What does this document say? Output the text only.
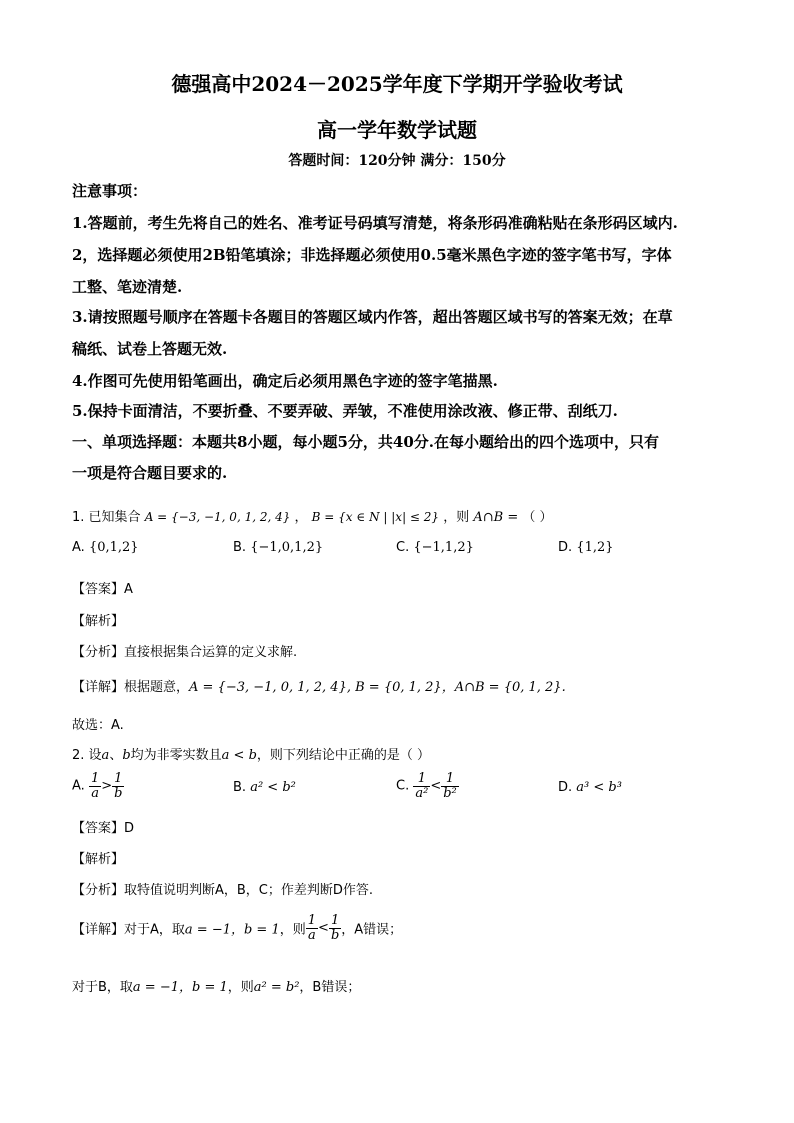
德强高中2024－2025学年度下学期开学验收考试
高一学年数学试题
答题时间：120分钟 满分：150分
注意事项：
1.答题前，考生先将自己的姓名、准考证号码填写清楚，将条形码准确粘贴在条形码区域内.
2，选择题必须使用2B铅笔填涂；非选择题必须使用0.5毫米黑色字迹的签字笔书写，字体
工整、笔迹清楚.
3.请按照题号顺序在答题卡各题目的答题区域内作答，超出答题区域书写的答案无效；在草
稿纸、试卷上答题无效.
4.作图可先使用铅笔画出，确定后必须用黑色字迹的签字笔描黑.
5.保持卡面清洁，不要折叠、不要弄破、弄皱，不准使用涂改液、修正带、刮纸刀.
一、单项选择题：本题共8小题，每小题5分，共40分.在每小题给出的四个选项中，只有
一项是符合题目要求的.
1. 已知集合 A = {−3, −1, 0, 1, 2, 4} ， B = {x ∈ N | |x| ≤ 2} ，则 A∩B = （ ）
A. {0,1,2}	B. {−1,0,1,2}	C. {−1,1,2}	D. {1,2}
【答案】A
【解析】
【分析】直接根据集合运算的定义求解.
【详解】根据题意，A = {−3, −1, 0, 1, 2, 4}, B = {0, 1, 2}，A∩B = {0, 1, 2}.
故选：A.
2. 设a、b均为非零实数且a < b，则下列结论中正确的是（ ）
A. $\frac{1}{a} > \frac{1}{b}$	B. a² < b²	C. $\frac{1}{\text{a²}} < \frac{1}{\text{b²}}$	D. a³ < b³
【答案】D
【解析】
【分析】取特值说明判断A，B，C；作差判断D作答.
【详解】对于A，取a = −1，b = 1，则 $\frac{1}{a} < \frac{1}{b}$ ，A错误；
对于B，取a = −1，b = 1，则a² = b²，B错误；
